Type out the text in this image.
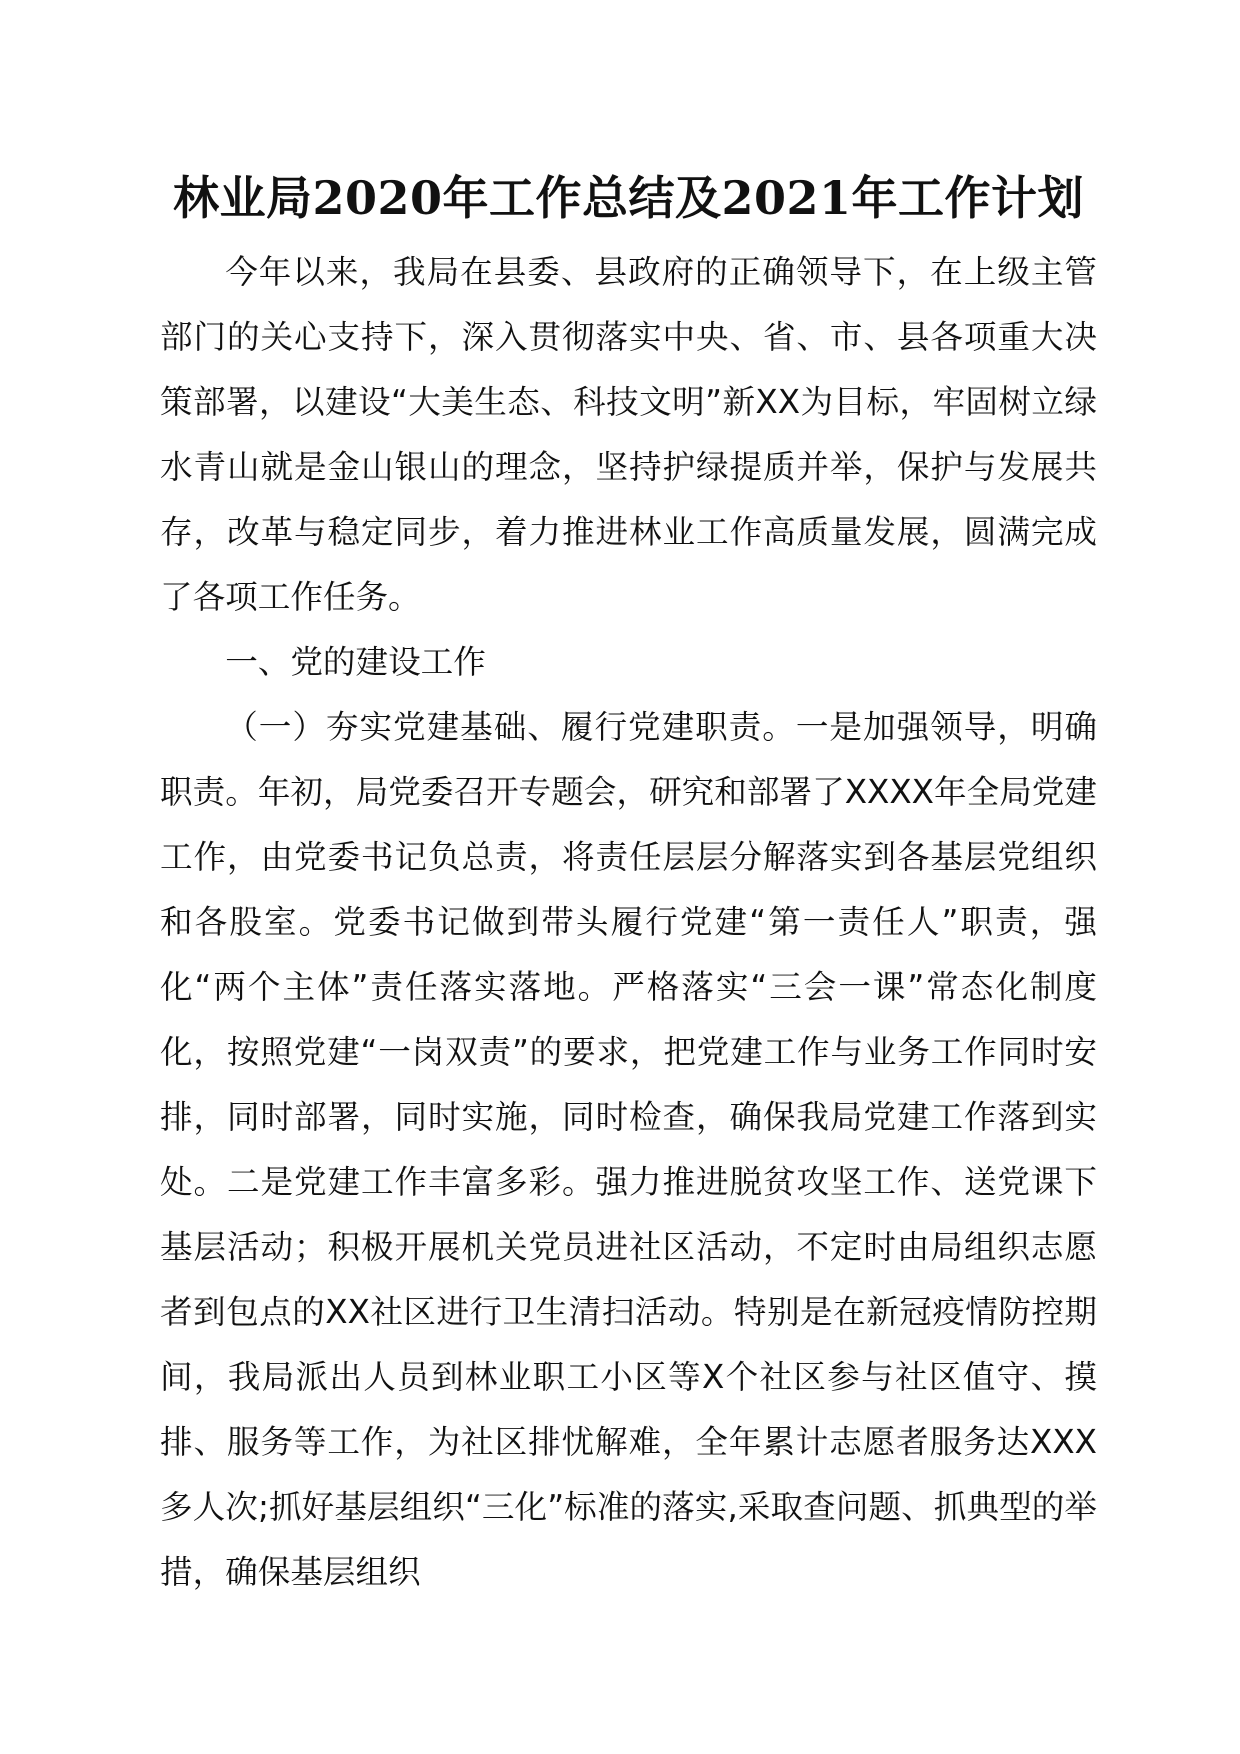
林业局2020年工作总结及2021年工作计划

今年以来，我局在县委、县政府的正确领导下，在上级主管部门的关心支持下，深入贯彻落实中央、省、市、县各项重大决策部署，以建设“大美生态、科技文明”新XX为目标，牢固树立绿水青山就是金山银山的理念，坚持护绿提质并举，保护与发展共存，改革与稳定同步，着力推进林业工作高质量发展，圆满完成了各项工作任务。

一、党的建设工作

（一）夯实党建基础、履行党建职责。一是加强领导，明确职责。年初，局党委召开专题会，研究和部署了XXXX年全局党建工作，由党委书记负总责，将责任层层分解落实到各基层党组织和各股室。党委书记做到带头履行党建“第一责任人”职责，强化“两个主体”责任落实落地。严格落实“三会一课”常态化制度化，按照党建“一岗双责”的要求，把党建工作与业务工作同时安排，同时部署，同时实施，同时检查，确保我局党建工作落到实处。二是党建工作丰富多彩。强力推进脱贫攻坚工作、送党课下基层活动；积极开展机关党员进社区活动，不定时由局组织志愿者到包点的XX社区进行卫生清扫活动。特别是在新冠疫情防控期间，我局派出人员到林业职工小区等X个社区参与社区值守、摸排、服务等工作，为社区排忧解难，全年累计志愿者服务达XXX多人次;抓好基层组织“三化”标准的落实,采取查问题、抓典型的举措，确保基层组织
